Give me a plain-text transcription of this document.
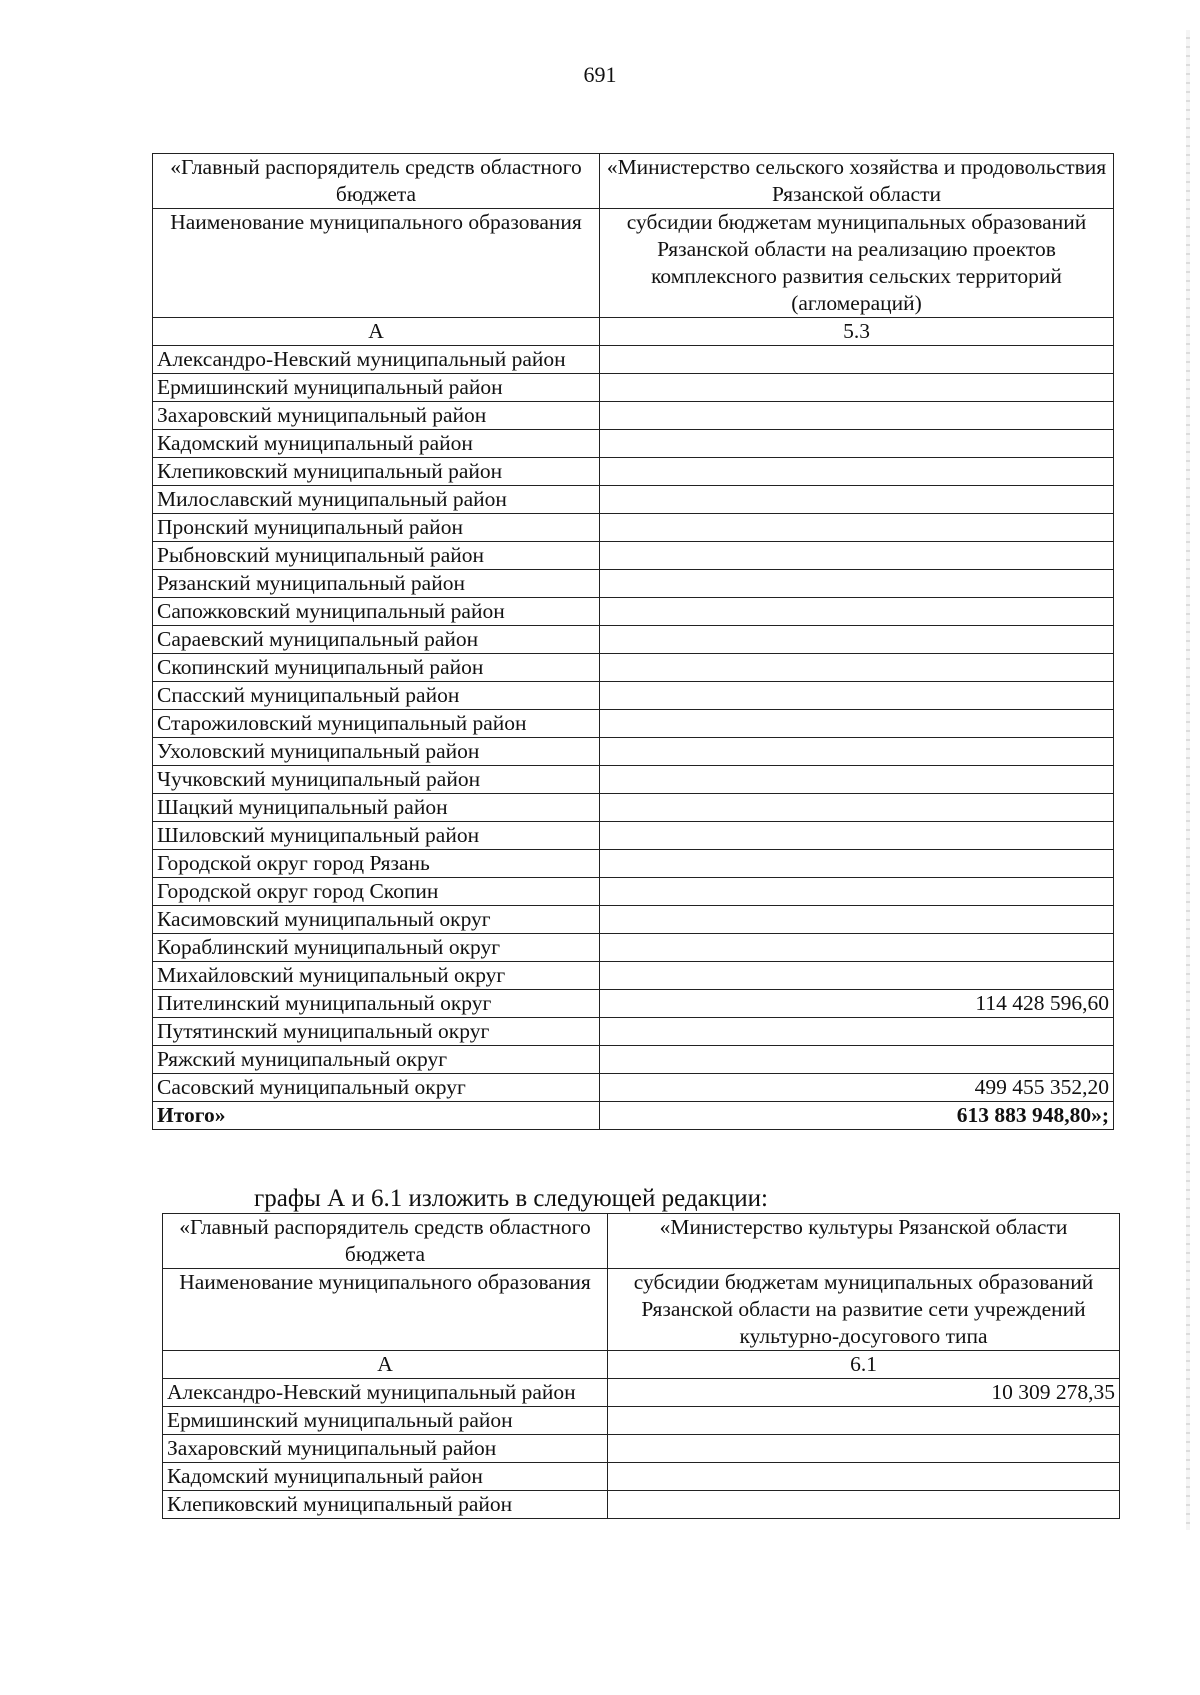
691
«Главный распорядитель средств областного бюджета	«Министерство сельского хозяйства и продовольствия Рязанской области
Наименование муниципального образования	субсидии бюджетам муниципальных образований Рязанской области на реализацию проектов комплексного развития сельских территорий (агломераций)
А	5.3
Александро-Невский муниципальный район	
Ермишинский муниципальный район	
Захаровский муниципальный район	
Кадомский муниципальный район	
Клепиковский муниципальный район	
Милославский муниципальный район	
Пронский муниципальный район	
Рыбновский муниципальный район	
Рязанский муниципальный район	
Сапожковский муниципальный район	
Сараевский муниципальный район	
Скопинский муниципальный район	
Спасский муниципальный район	
Старожиловский муниципальный район	
Ухоловский муниципальный район	
Чучковский муниципальный район	
Шацкий муниципальный район	
Шиловский муниципальный район	
Городской округ город Рязань	
Городской округ город Скопин	
Касимовский муниципальный округ	
Кораблинский муниципальный округ	
Михайловский муниципальный округ	
Пителинский муниципальный округ	114 428 596,60
Путятинский муниципальный округ	
Ряжский муниципальный округ	
Сасовский муниципальный округ	499 455 352,20
Итого»	613 883 948,80»;
графы А и 6.1 изложить в следующей редакции:
«Главный распорядитель средств областного бюджета	«Министерство культуры Рязанской области
Наименование муниципального образования	субсидии бюджетам муниципальных образований Рязанской области на развитие сети учреждений культурно-досугового типа
А	6.1
Александро-Невский муниципальный район	10 309 278,35
Ермишинский муниципальный район	
Захаровский муниципальный район	
Кадомский муниципальный район	
Клепиковский муниципальный район	
